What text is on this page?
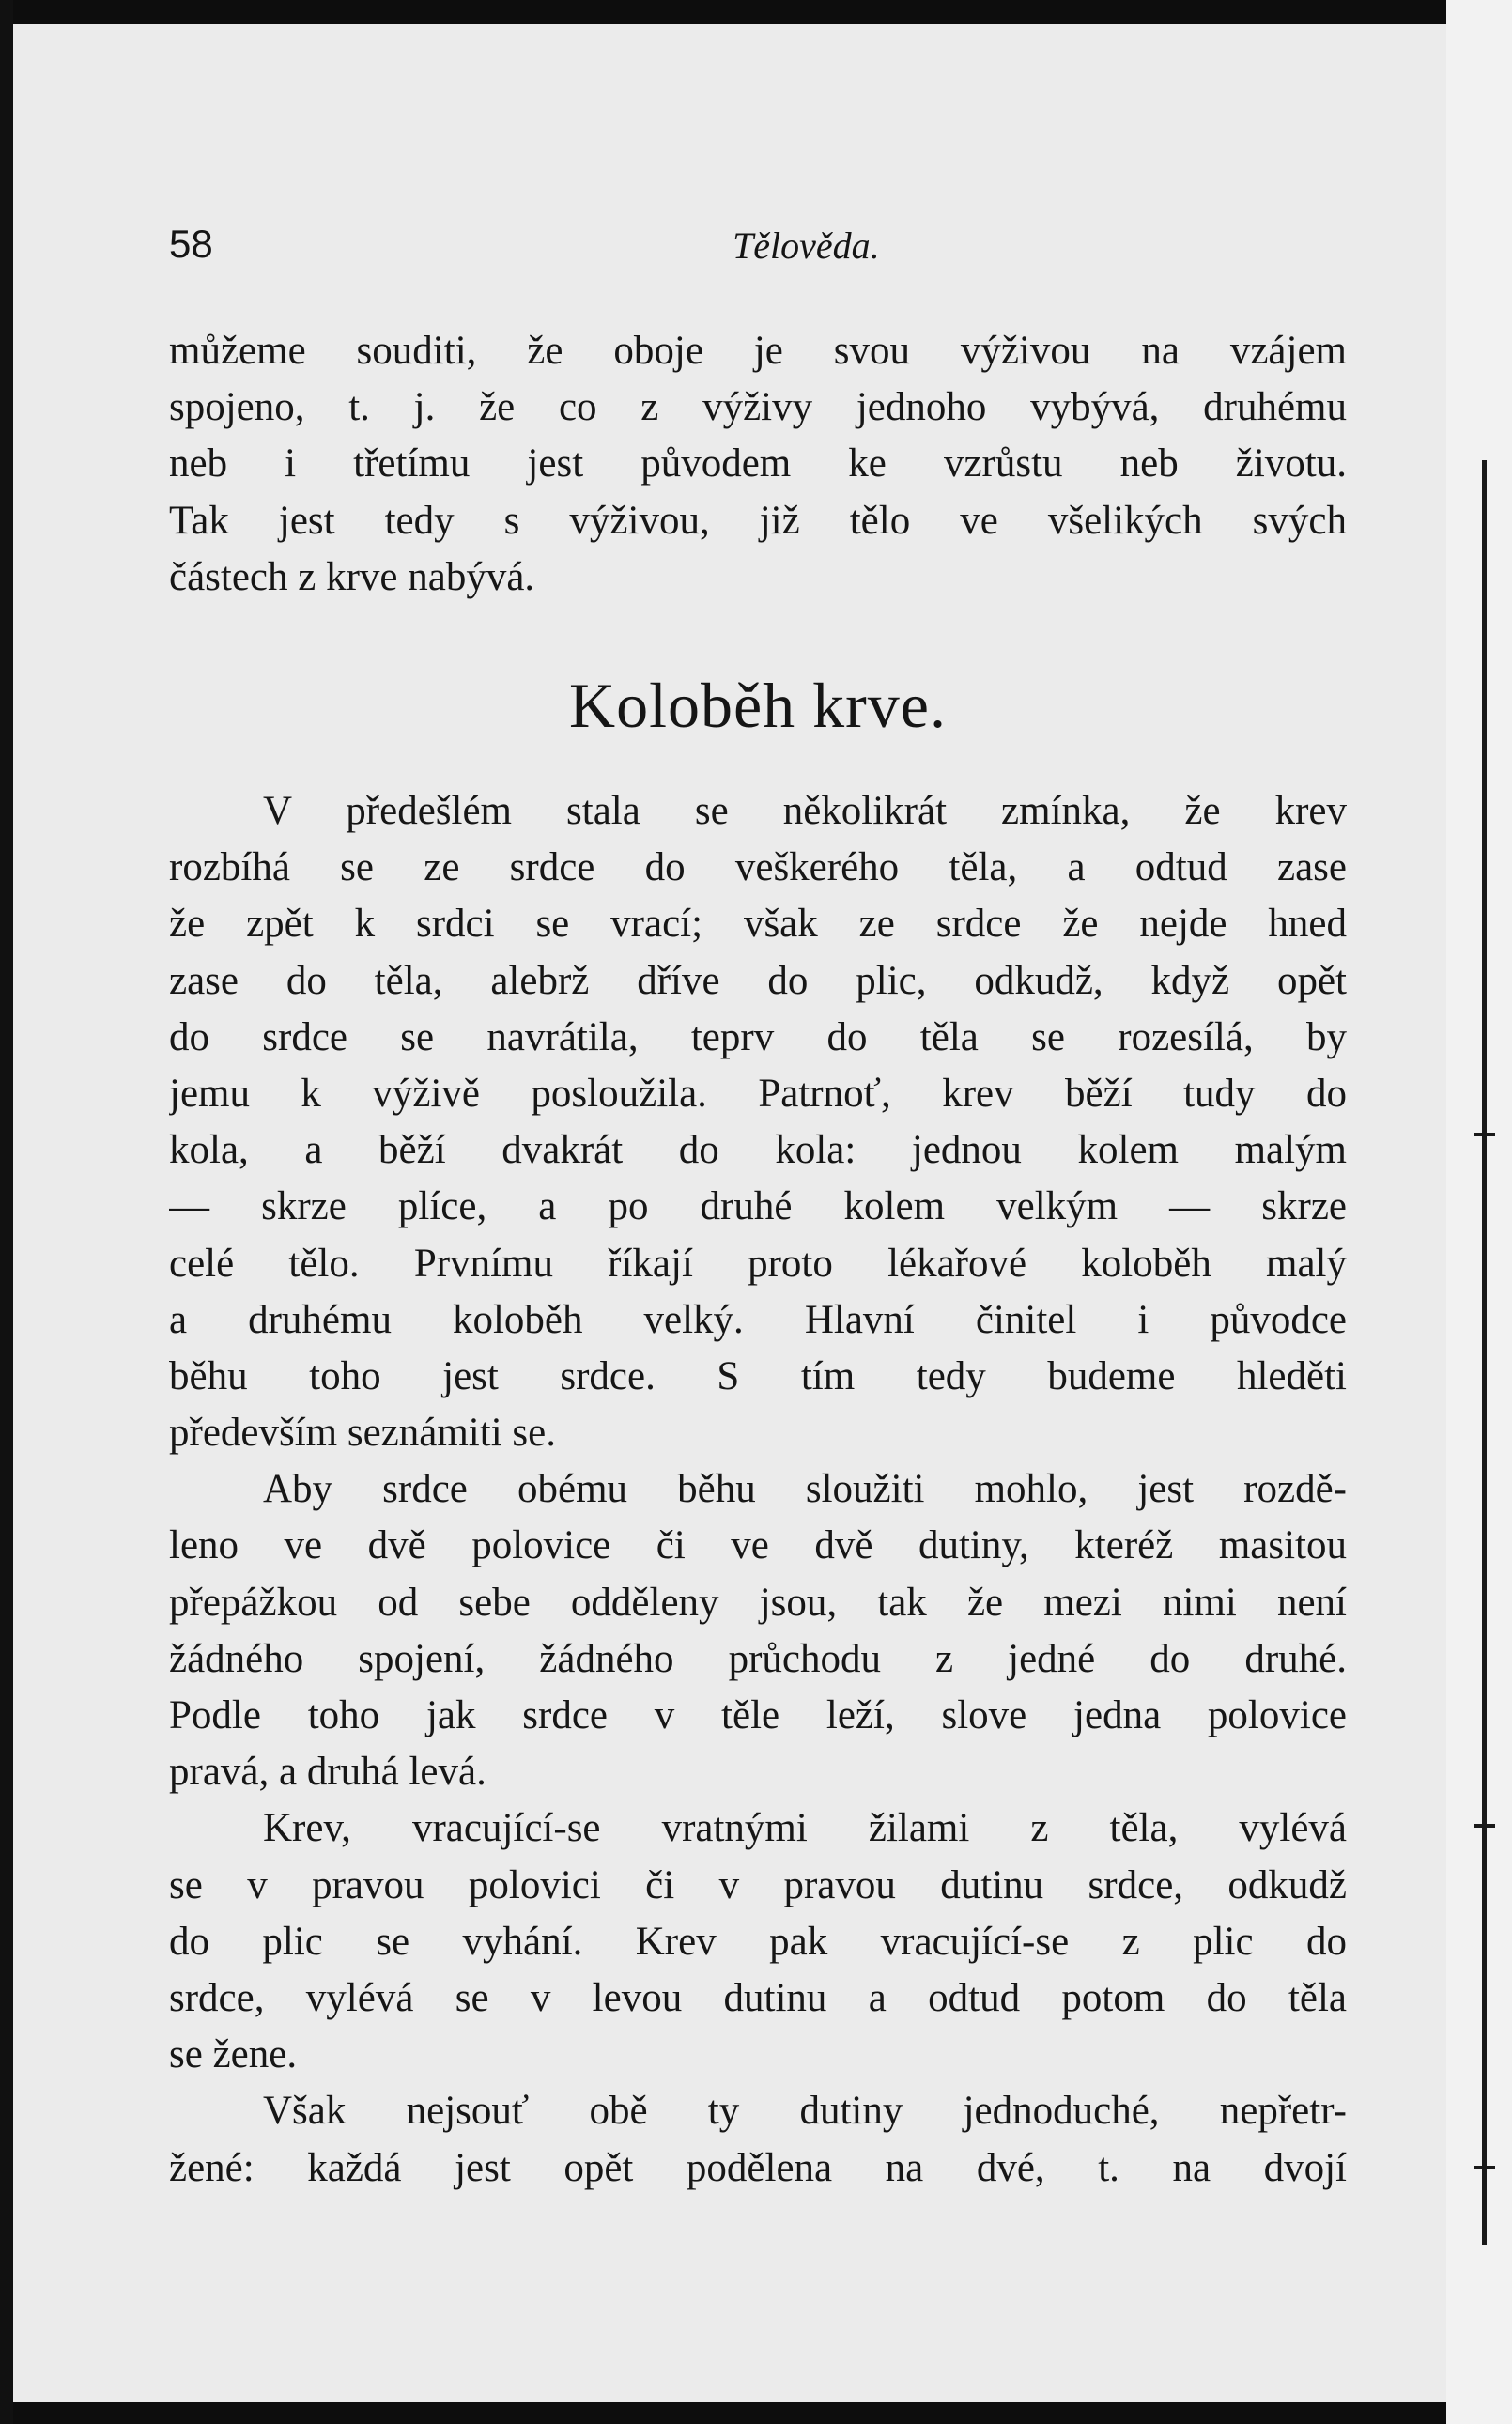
58	Tělověda.
můžeme souditi, že oboje je svou výživou na vzájem
spojeno, t. j. že co z výživy jednoho vybývá, druhému
neb i třetímu jest původem ke vzrůstu neb životu.
Tak jest tedy s výživou, již tělo ve všelikých svých
částech z krve nabývá.
Koloběh krve.
V předešlém stala se několikrát zmínka, že krev
rozbíhá se ze srdce do veškerého těla, a odtud zase
že zpět k srdci se vrací; však ze srdce že nejde hned
zase do těla, alebrž dříve do plic, odkudž, když opět
do srdce se navrátila, teprv do těla se rozesílá, by
jemu k výživě posloužila. Patrnoť, krev běží tudy do
kola, a běží dvakrát do kola: jednou kolem malým
— skrze plíce, a po druhé kolem velkým — skrze
celé tělo. Prvnímu říkají proto lékařové koloběh malý
a druhému koloběh velký. Hlavní činitel i původce
běhu toho jest srdce. S tím tedy budeme hleděti
především seznámiti se.
Aby srdce obému běhu sloužiti mohlo, jest rozdě-
leno ve dvě polovice či ve dvě dutiny, kteréž masitou
přepážkou od sebe odděleny jsou, tak že mezi nimi není
žádného spojení, žádného průchodu z jedné do druhé.
Podle toho jak srdce v těle leží, slove jedna polovice
pravá, a druhá levá.
Krev, vracující-se vratnými žilami z těla, vylévá
se v pravou polovici či v pravou dutinu srdce, odkudž
do plic se vyhání. Krev pak vracující-se z plic do
srdce, vylévá se v levou dutinu a odtud potom do těla
se žene.
Však nejsouť obě ty dutiny jednoduché, nepřetr-
žené: každá jest opět podělena na dvé, t. na dvojí
